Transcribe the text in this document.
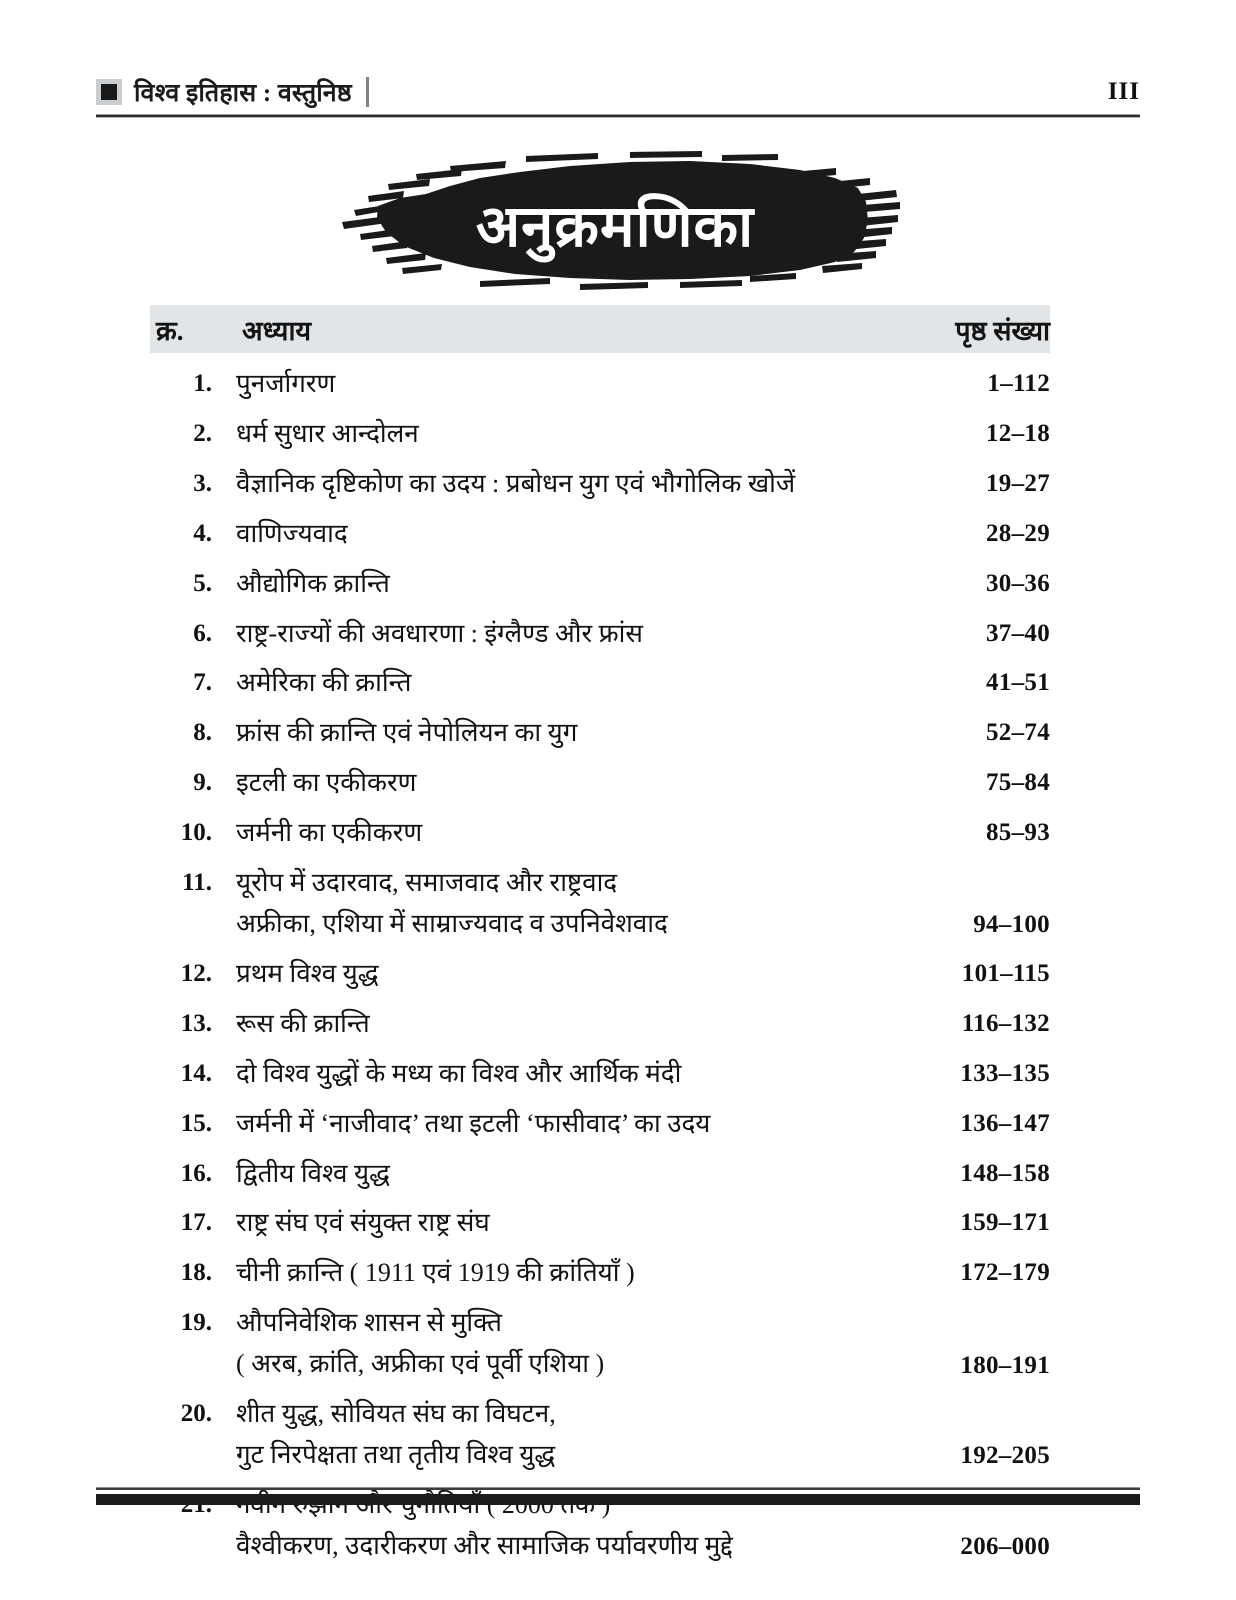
विश्व इतिहास : वस्तुनिष्ठ	III
अनुक्रमणिका
क्र.	अध्याय	पृष्ठ संख्या
1. पुनर्जागरण	1–112
2. धर्म सुधार आन्दोलन	12–18
3. वैज्ञानिक दृष्टिकोण का उदय : प्रबोधन युग एवं भौगोलिक खोजें	19–27
4. वाणिज्यवाद	28–29
5. औद्योगिक क्रान्ति	30–36
6. राष्ट्र-राज्यों की अवधारणा : इंग्लैण्ड और फ्रांस	37–40
7. अमेरिका की क्रान्ति	41–51
8. फ्रांस की क्रान्ति एवं नेपोलियन का युग	52–74
9. इटली का एकीकरण	75–84
10. जर्मनी का एकीकरण	85–93
11. यूरोप में उदारवाद, समाजवाद और राष्ट्रवाद
अफ्रीका, एशिया में साम्राज्यवाद व उपनिवेशवाद	94–100
12. प्रथम विश्व युद्ध	101–115
13. रूस की क्रान्ति	116–132
14. दो विश्व युद्धों के मध्य का विश्व और आर्थिक मंदी	133–135
15. जर्मनी में ‘नाजीवाद’ तथा इटली ‘फासीवाद’ का उदय	136–147
16. द्वितीय विश्व युद्ध	148–158
17. राष्ट्र संघ एवं संयुक्त राष्ट्र संघ	159–171
18. चीनी क्रान्ति ( 1911 एवं 1919 की क्रांतियाँ )	172–179
19. औपनिवेशिक शासन से मुक्ति
( अरब, क्रांति, अफ्रीका एवं पूर्वी एशिया )	180–191
20. शीत युद्ध, सोवियत संघ का विघटन,
गुट निरपेक्षता तथा तृतीय विश्व युद्ध	192–205
वैश्वीकरण, उदारीकरण और सामाजिक पर्यावरणीय मुद्दे	206–000
